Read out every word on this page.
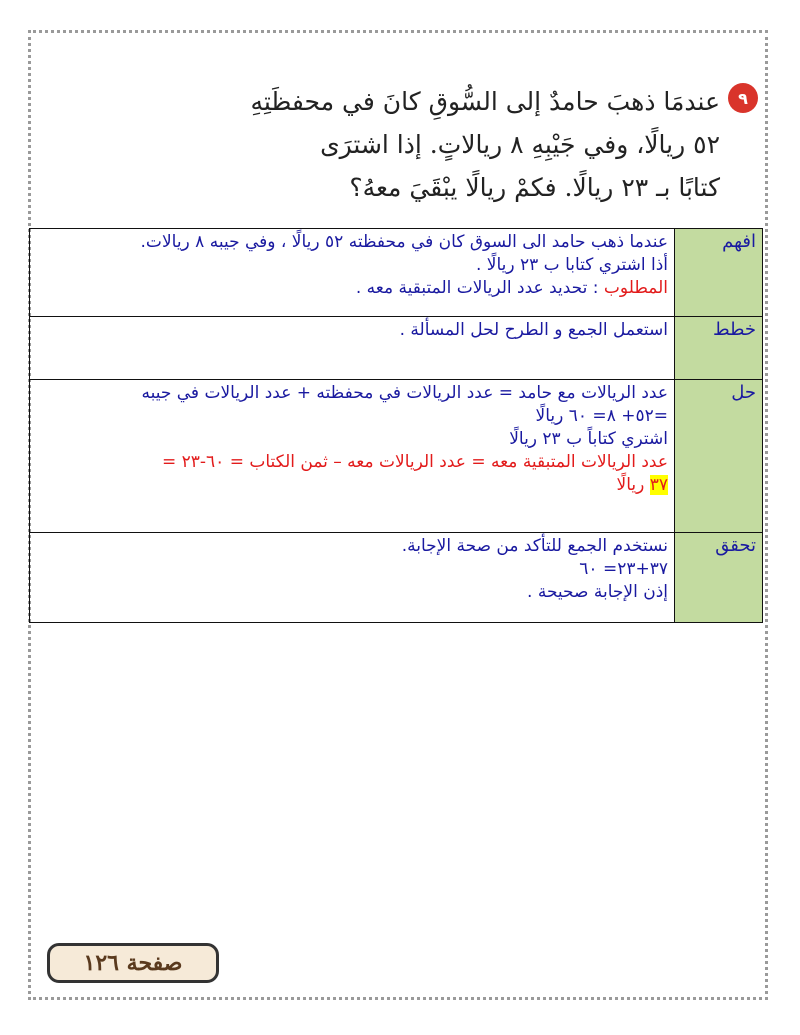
٩

عندمَا ذهبَ حامدٌ إلى السُّوقِ كانَ في محفظَتِهِ

٥٢ ريالًا، وفي جَيْبِهِ ٨ ريالاتٍ. إذا اشترَى

كتابًا بـ ٢٣ ريالًا. فكمْ ريالًا يبْقَيَ معهُ؟

افهم	عندما ذهب حامد الى السوق كان في محفظته ٥٢ ريالًا ، وفي جيبه ٨ ريالات.
أذا اشتري كتابا ب ٢٣ ريالًا .
المطلوب : تحديد عدد الريالات المتبقية معه .

خطط	استعمل الجمع و الطرح لحل المسألة .

حل	عدد الريالات مع حامد = عدد الريالات في محفظته + عدد الريالات في جيبه
=٥٢+ ٨= ٦٠ ريالًا
اشتري كتاباً ب ٢٣ ريالًا
عدد الريالات المتبقية معه = عدد الريالات معه – ثمن الكتاب = ٦٠-٢٣ =
٣٧ ريالًا

تحقق	نستخدم الجمع للتأكد من صحة الإجابة.
٣٧+٢٣= ٦٠
إذن الإجابة صحيحة .
صفحة ١٢٦
